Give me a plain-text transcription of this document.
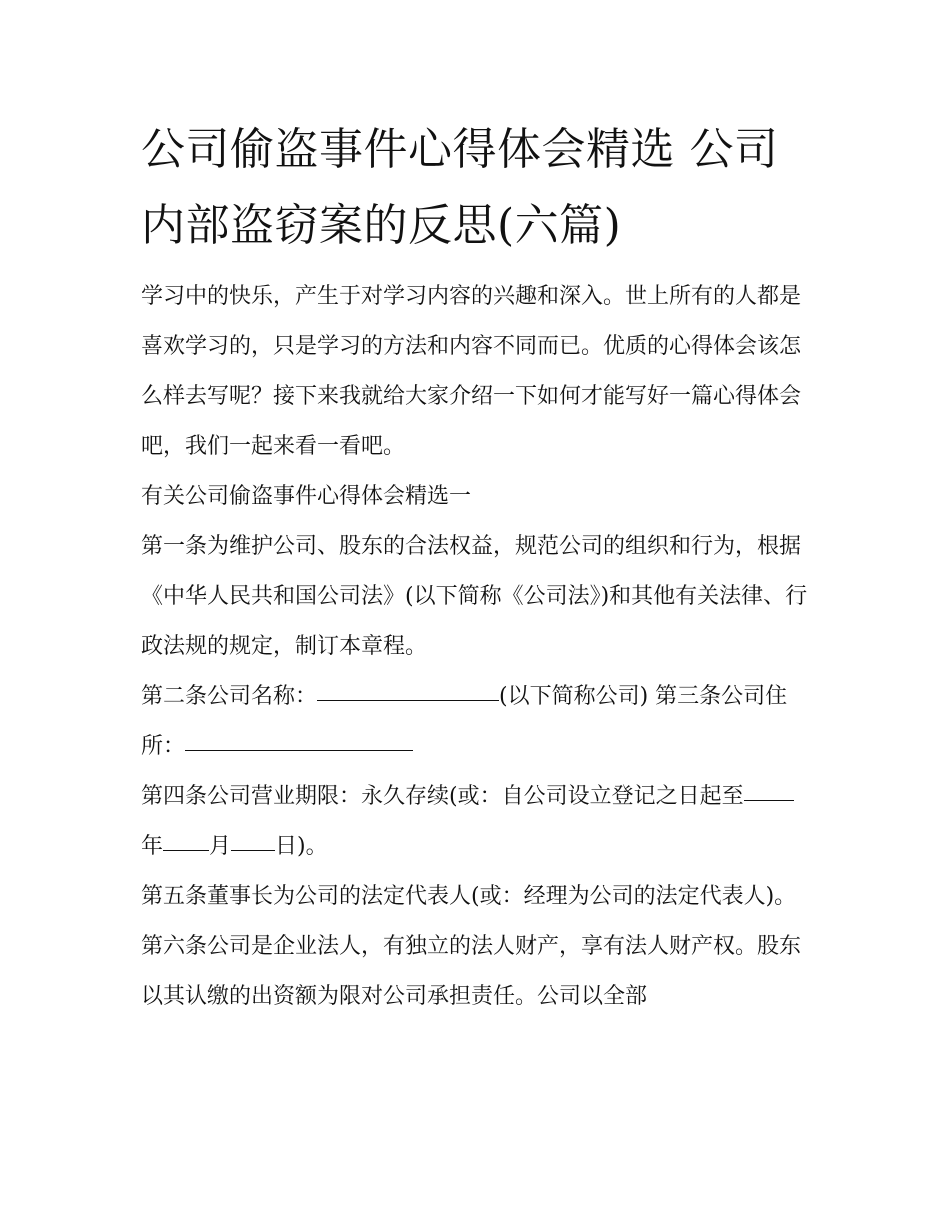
公司偷盗事件心得体会精选 公司内部盗窃案的反思(六篇)

学习中的快乐，产生于对学习内容的兴趣和深入。世上所有的人都是喜欢学习的，只是学习的方法和内容不同而已。优质的心得体会该怎么样去写呢？接下来我就给大家介绍一下如何才能写好一篇心得体会吧，我们一起来看一看吧。

有关公司偷盗事件心得体会精选一

第一条为维护公司、股东的合法权益，规范公司的组织和行为，根据《中华人民共和国公司法》(以下简称《公司法》)和其他有关法律、行政法规的规定，制订本章程。

第二条公司名称：	(以下简称公司) 第三条公司住所：

第四条公司营业期限：永久存续(或：自公司设立登记之日起至年 月 日)。

第五条董事长为公司的法定代表人(或：经理为公司的法定代表人)。

第六条公司是企业法人，有独立的法人财产，享有法人财产权。股东以其认缴的出资额为限对公司承担责任。公司以全部
